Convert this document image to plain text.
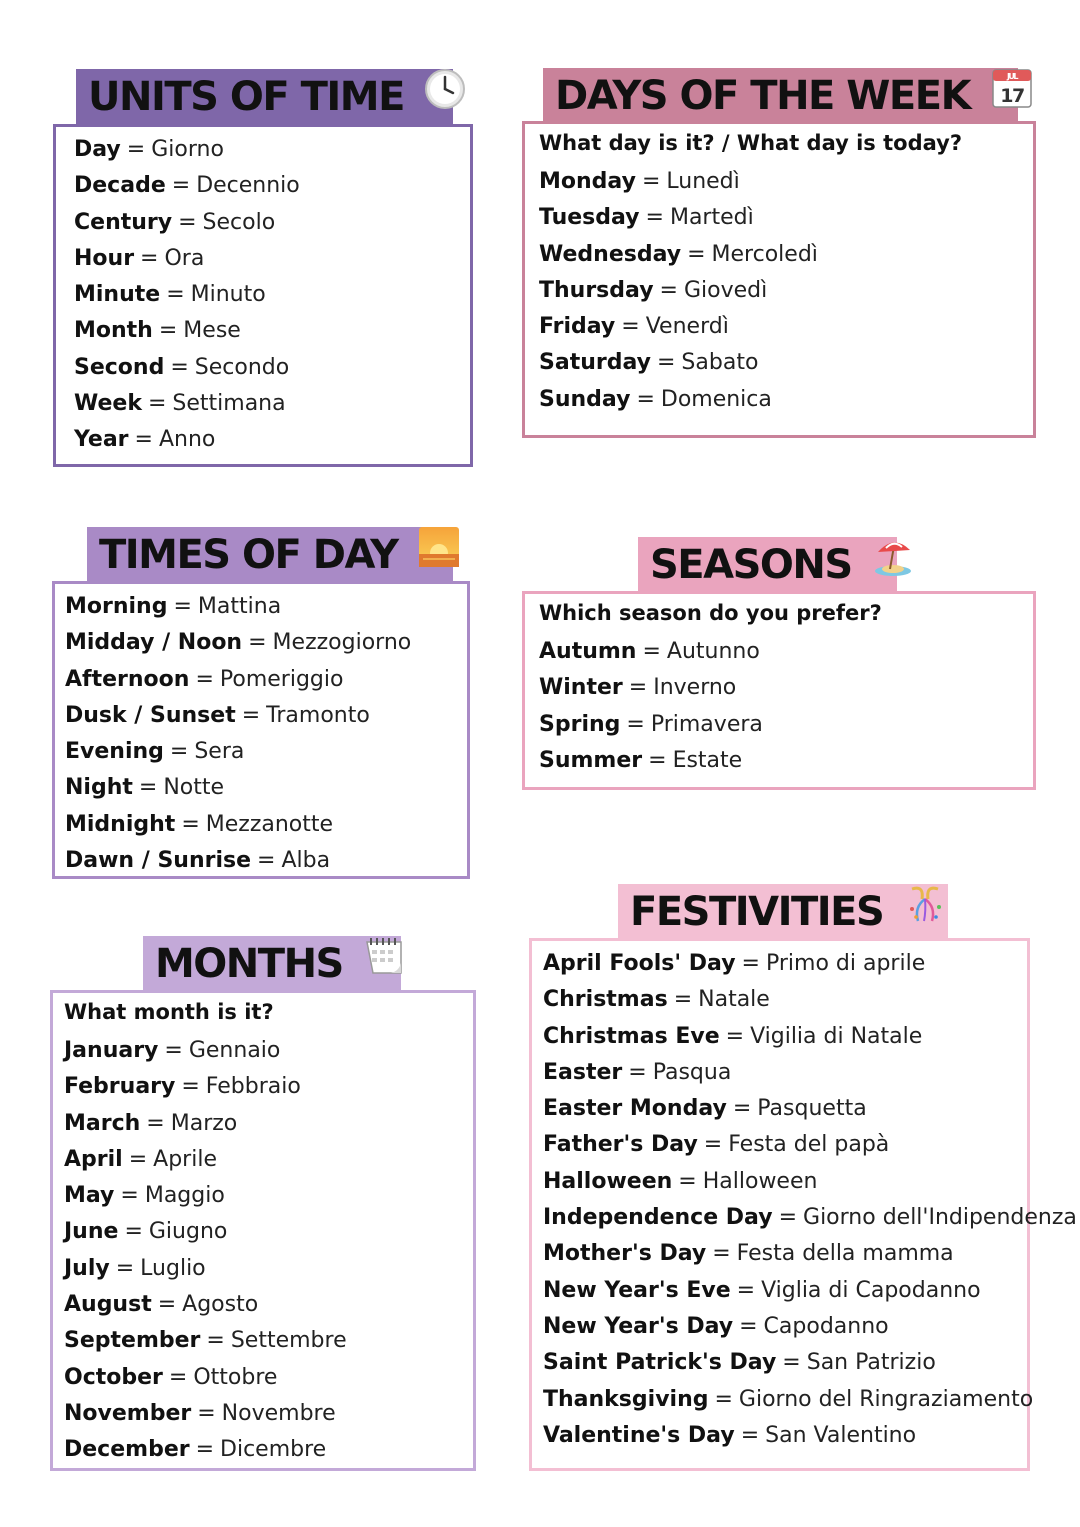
UNITS OF TIME
Day = Giorno
Decade = Decennio
Century = Secolo
Hour = Ora
Minute = Minuto
Month = Mese
Second = Secondo
Week = Settimana
Year = Anno
DAYS OF THE WEEK	JUL
17
What day is it? / What day is today?
Monday = Lunedì
Tuesday = Martedì
Wednesday = Mercoledì
Thursday = Giovedì
Friday = Venerdì
Saturday = Sabato
Sunday = Domenica
TIMES OF DAY
Morning = Mattina
Midday / Noon = Mezzogiorno
Afternoon = Pomeriggio
Dusk / Sunset = Tramonto
Evening = Sera
Night = Notte
Midnight = Mezzanotte
Dawn / Sunrise = Alba
SEASONS
Which season do you prefer?
Autumn = Autunno
Winter = Inverno
Spring = Primavera
Summer = Estate
MONTHS
What month is it?
January = Gennaio
February = Febbraio
March = Marzo
April = Aprile
May = Maggio
June = Giugno
July = Luglio
August = Agosto
September = Settembre
October = Ottobre
November = Novembre
December = Dicembre
FESTIVITIES
April Fools' Day = Primo di aprile
Christmas = Natale
Christmas Eve = Vigilia di Natale
Easter = Pasqua
Easter Monday = Pasquetta
Father's Day = Festa del papà
Halloween = Halloween
Independence Day = Giorno dell'Indipendenza
Mother's Day = Festa della mamma
New Year's Eve = Viglia di Capodanno
New Year's Day = Capodanno
Saint Patrick's Day = San Patrizio
Thanksgiving = Giorno del Ringraziamento
Valentine's Day = San Valentino
